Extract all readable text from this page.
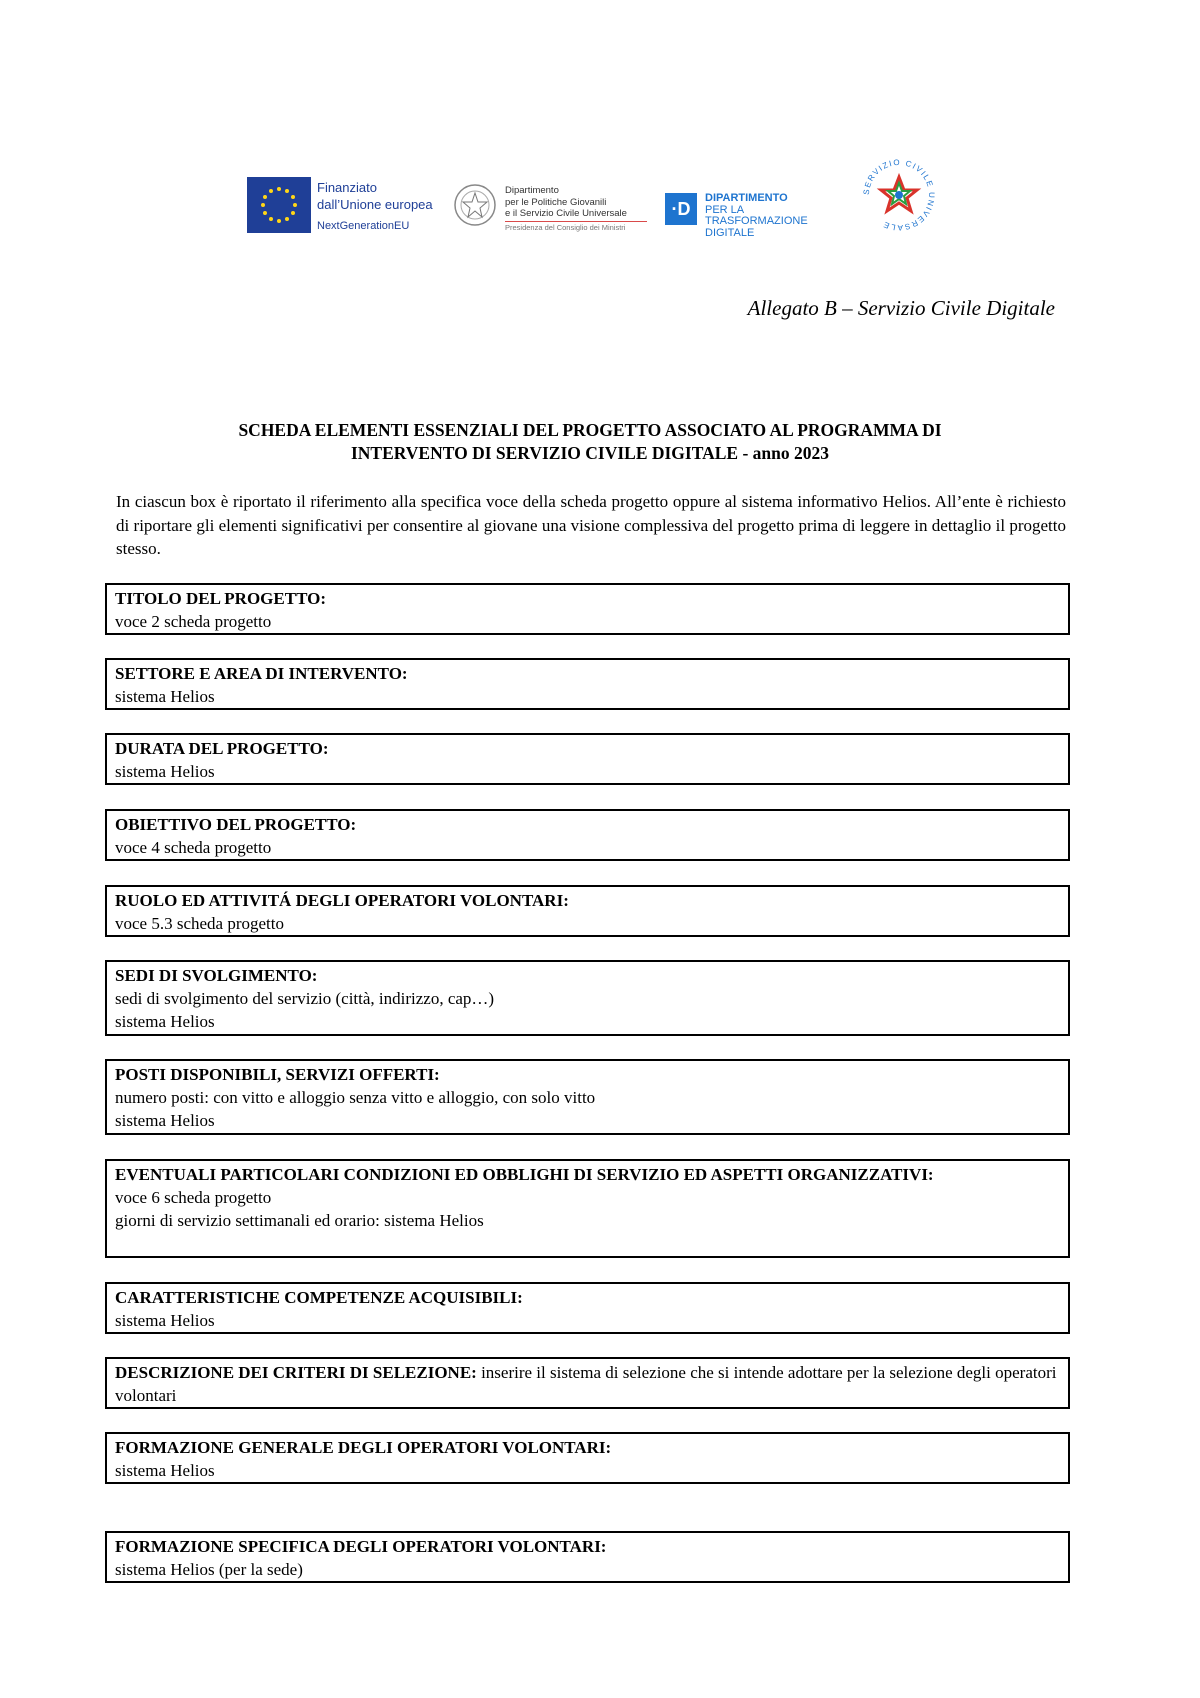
Finanziato
dall’Unione europea
NextGenerationEU
Dipartimento
per le Politiche Giovanili
e il Servizio Civile Universale
Presidenza del Consiglio dei Ministri
·D
DIPARTIMENTO
PER LA TRASFORMAZIONE
DIGITALE
SERVIZIO CIVILE UNIVERSALE
Allegato B – Servizio Civile Digitale
SCHEDA ELEMENTI ESSENZIALI DEL PROGETTO ASSOCIATO AL PROGRAMMA DI
INTERVENTO DI SERVIZIO CIVILE DIGITALE - anno 2023
In ciascun box è riportato il riferimento alla specifica voce della scheda progetto oppure al sistema informativo Helios. All’ente è richiesto di riportare gli elementi significativi per consentire al giovane una visione complessiva del progetto prima di leggere in dettaglio il progetto stesso.
TITOLO DEL PROGETTO:
voce 2 scheda progetto
SETTORE E AREA DI INTERVENTO:
sistema Helios
DURATA DEL PROGETTO:
sistema Helios
OBIETTIVO DEL PROGETTO:
voce 4 scheda progetto
RUOLO ED ATTIVITÁ DEGLI OPERATORI VOLONTARI:
voce 5.3 scheda progetto
SEDI DI SVOLGIMENTO:
sedi di svolgimento del servizio (città, indirizzo, cap…)
sistema Helios
POSTI DISPONIBILI, SERVIZI OFFERTI:
numero posti: con vitto e alloggio senza vitto e alloggio, con solo vitto
sistema Helios
EVENTUALI PARTICOLARI CONDIZIONI ED OBBLIGHI DI SERVIZIO ED ASPETTI ORGANIZZATIVI:
voce 6 scheda progetto
giorni di servizio settimanali ed orario: sistema Helios
CARATTERISTICHE COMPETENZE ACQUISIBILI:
sistema Helios
DESCRIZIONE DEI CRITERI DI SELEZIONE: inserire il sistema di selezione che si intende adottare per la selezione degli operatori volontari
FORMAZIONE GENERALE DEGLI OPERATORI VOLONTARI:
sistema Helios
FORMAZIONE SPECIFICA DEGLI OPERATORI VOLONTARI:
sistema Helios (per la sede)
